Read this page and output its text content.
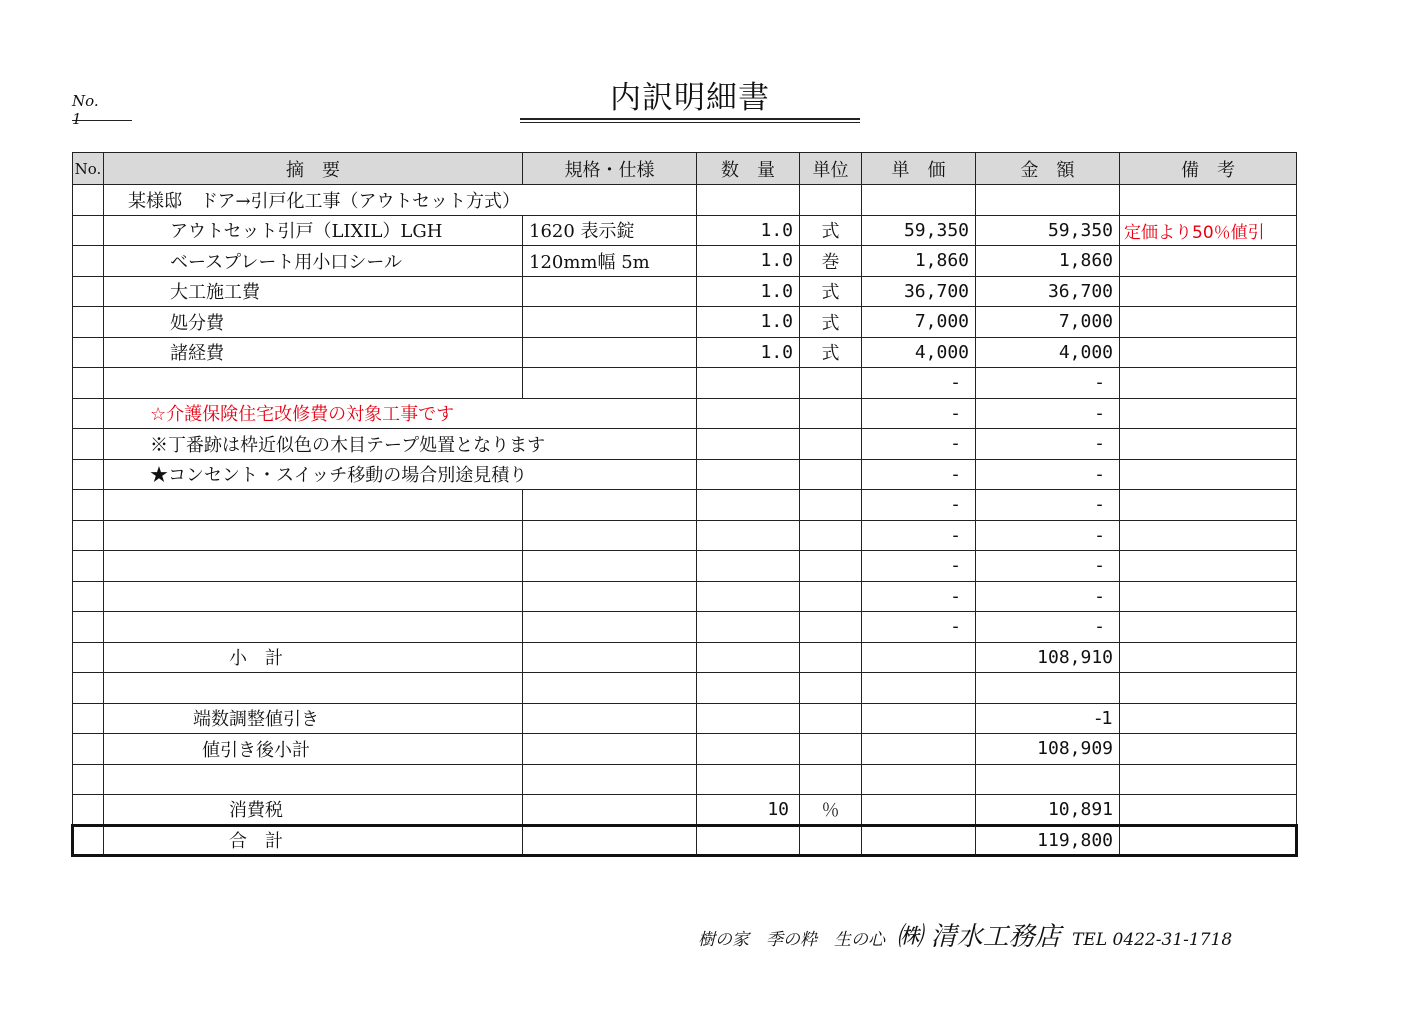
No.     1
内訳明細書
No.	摘　要	規格・仕様	数　量	単位	単　価	金　額	備　考
	某様邸　ドア→引戸化工事（アウトセット方式）						
	アウトセット引戸（LIXIL）LGH	1620 表示錠	1.0	式	59,350	59,350	定価より50％値引
	ベースプレート用小口シール	120mm幅 5m	1.0	巻	1,860	1,860	
	大工施工費		1.0	式	36,700	36,700	
	処分費		1.0	式	7,000	7,000	
	諸経費		1.0	式	4,000	4,000	
					-	-	
	☆介護保険住宅改修費の対象工事です				-	-	
	※丁番跡は枠近似色の木目テープ処置となります				-	-	
	★コンセント・スイッチ移動の場合別途見積り				-	-	
					-	-	
					-	-	
					-	-	
					-	-	
					-	-	
	小　計					108,910	

	端数調整値引き					-1	
	値引き後小計					108,909	

	消費税		10	％		10,891	
	合　計					119,800	
樹の家　季の粋　生の心 ㈱ 清水工務店 TEL 0422-31-1718
